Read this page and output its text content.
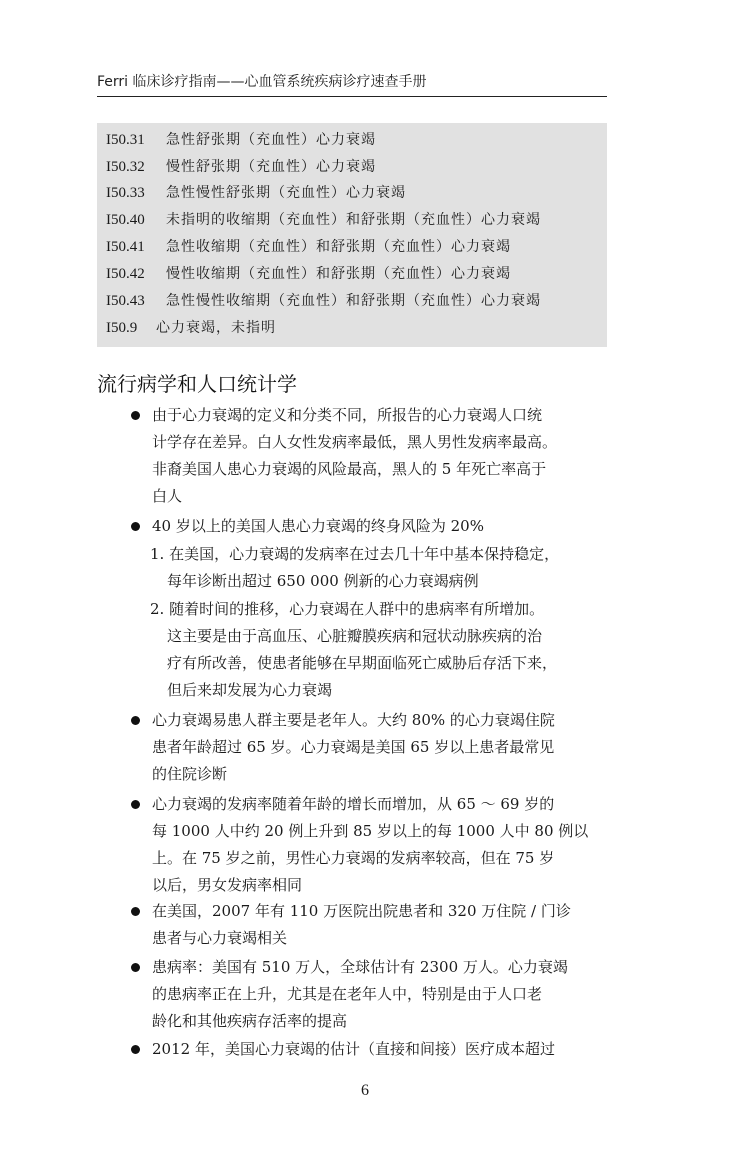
Ferri 临床诊疗指南——心血管系统疾病诊疗速查手册
I50.31 急性舒张期（充血性）心力衰竭
I50.32 慢性舒张期（充血性）心力衰竭
I50.33 急性慢性舒张期（充血性）心力衰竭
I50.40 未指明的收缩期（充血性）和舒张期（充血性）心力衰竭
I50.41 急性收缩期（充血性）和舒张期（充血性）心力衰竭
I50.42 慢性收缩期（充血性）和舒张期（充血性）心力衰竭
I50.43 急性慢性收缩期（充血性）和舒张期（充血性）心力衰竭
I50.9 心力衰竭，未指明
流行病学和人口统计学
由于心力衰竭的定义和分类不同，所报告的心力衰竭人口统
计学存在差异。白人女性发病率最低，黑人男性发病率最高。
非裔美国人患心力衰竭的风险最高，黑人的 5 年死亡率高于
白人
40 岁以上的美国人患心力衰竭的终身风险为 20%
1. 在美国，心力衰竭的发病率在过去几十年中基本保持稳定，
每年诊断出超过 650 000 例新的心力衰竭病例
2. 随着时间的推移，心力衰竭在人群中的患病率有所增加。
这主要是由于高血压、心脏瓣膜疾病和冠状动脉疾病的治
疗有所改善，使患者能够在早期面临死亡威胁后存活下来，
但后来却发展为心力衰竭
心力衰竭易患人群主要是老年人。大约 80% 的心力衰竭住院
患者年龄超过 65 岁。心力衰竭是美国 65 岁以上患者最常见
的住院诊断
心力衰竭的发病率随着年龄的增长而增加，从 65 ～ 69 岁的
每 1000 人中约 20 例上升到 85 岁以上的每 1000 人中 80 例以
上。在 75 岁之前，男性心力衰竭的发病率较高，但在 75 岁
以后，男女发病率相同
在美国，2007 年有 110 万医院出院患者和 320 万住院 / 门诊
患者与心力衰竭相关
患病率：美国有 510 万人，全球估计有 2300 万人。心力衰竭
的患病率正在上升，尤其是在老年人中，特别是由于人口老
龄化和其他疾病存活率的提高
2012 年，美国心力衰竭的估计（直接和间接）医疗成本超过
6
